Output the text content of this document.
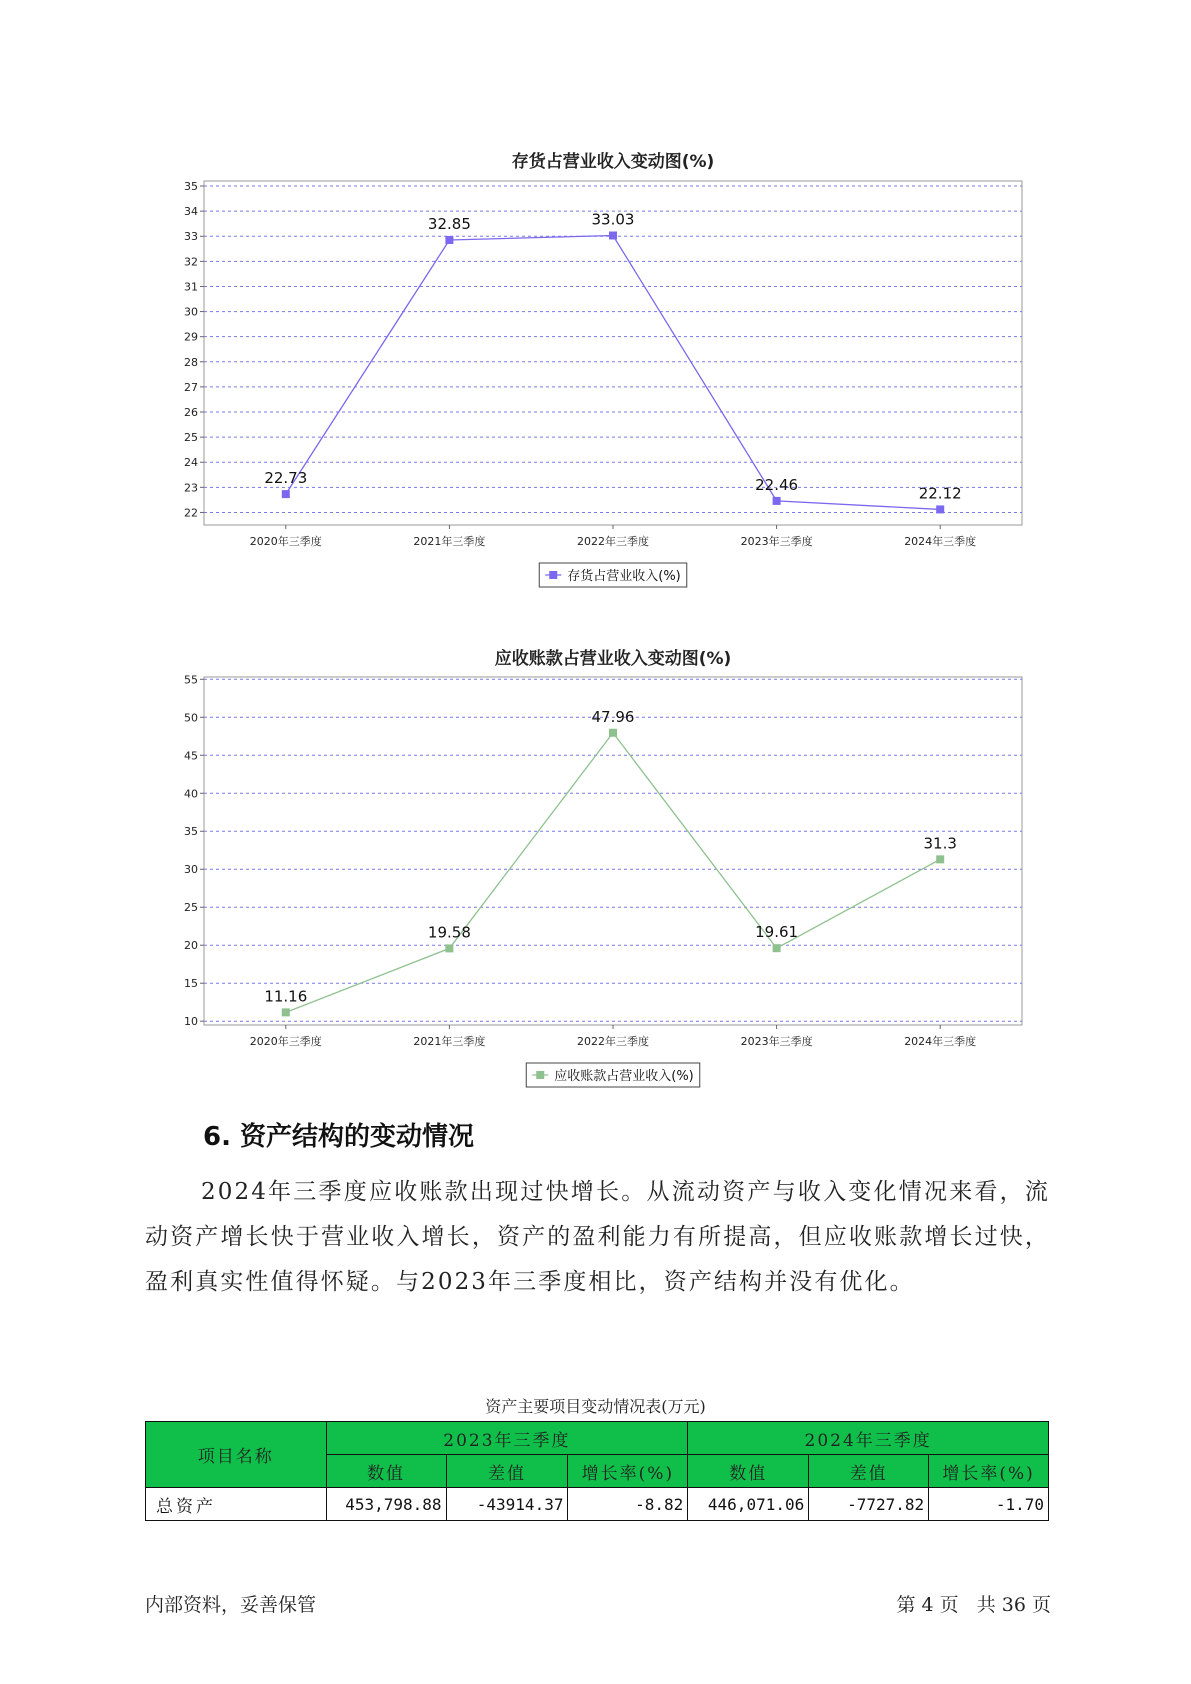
存货占营业收入变动图(%)
22
23
24
25
26
27
28
29
30
31
32
33
34
35
2020年三季度	2021年三季度	2022年三季度	2023年三季度	2024年三季度
22.73
32.85	33.03
22.46	22.12
存货占营业收入(%)
应收账款占营业收入变动图(%)
10
15
20
25
30
35
40
45
50
55
2020年三季度	2021年三季度	2022年三季度	2023年三季度	2024年三季度
11.16
19.58
47.96
19.61
31.3
应收账款占营业收入(%)
6. 资产结构的变动情况

2024年三季度应收账款出现过快增长。从流动资产与收入变化情况来看，流动资产增长快于营业收入增长，资产的盈利能力有所提高，但应收账款增长过快，盈利真实性值得怀疑。与2023年三季度相比，资产结构并没有优化。

资产主要项目变动情况表(万元)

项目名称	2023年三季度			2024年三季度		
	数值	差值	增长率(%)	数值	差值	增长率(%)
总资产	453,798.88	-43914.37	-8.82	446,071.06	-7727.82	-1.70
内部资料，妥善保管	第 4 页   共 36 页
